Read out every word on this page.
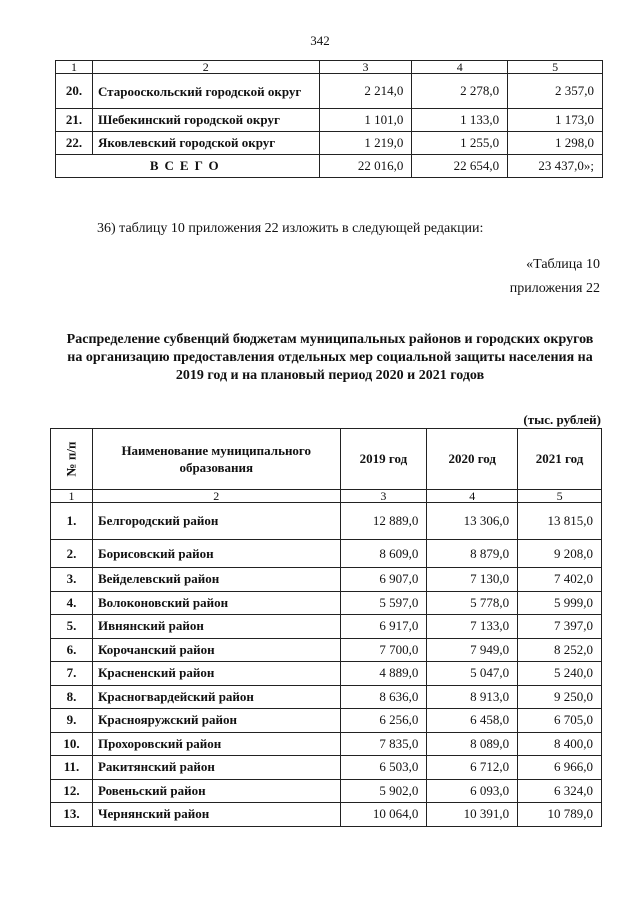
342
1	2	3	4	5
20.	Старооскольский городской округ	2 214,0	2 278,0	2 357,0
21.	Шебекинский городской округ	1 101,0	1 133,0	1 173,0
22.	Яковлевский городской округ	1 219,0	1 255,0	1 298,0
ВСЕГО		22 016,0	22 654,0	23 437,0»;
36) таблицу 10 приложения 22 изложить в следующей редакции:
«Таблица 10
приложения 22
Распределение субвенций бюджетам муниципальных районов и городских округов на организацию предоставления отдельных мер социальной защиты населения на 2019 год и на плановый период 2020 и 2021 годов
(тыс. рублей)
№ п/п	Наименование муниципального образования	2019 год	2020 год	2021 год
1	2	3	4	5
1.	Белгородский район	12 889,0	13 306,0	13 815,0
2.	Борисовский район	8 609,0	8 879,0	9 208,0
3.	Вейделевский район	6 907,0	7 130,0	7 402,0
4.	Волоконовский район	5 597,0	5 778,0	5 999,0
5.	Ивнянский район	6 917,0	7 133,0	7 397,0
6.	Корочанский район	7 700,0	7 949,0	8 252,0
7.	Красненский район	4 889,0	5 047,0	5 240,0
8.	Красногвардейский район	8 636,0	8 913,0	9 250,0
9.	Краснояружский район	6 256,0	6 458,0	6 705,0
10.	Прохоровский район	7 835,0	8 089,0	8 400,0
11.	Ракитянский район	6 503,0	6 712,0	6 966,0
12.	Ровеньский район	5 902,0	6 093,0	6 324,0
13.	Чернянский район	10 064,0	10 391,0	10 789,0
